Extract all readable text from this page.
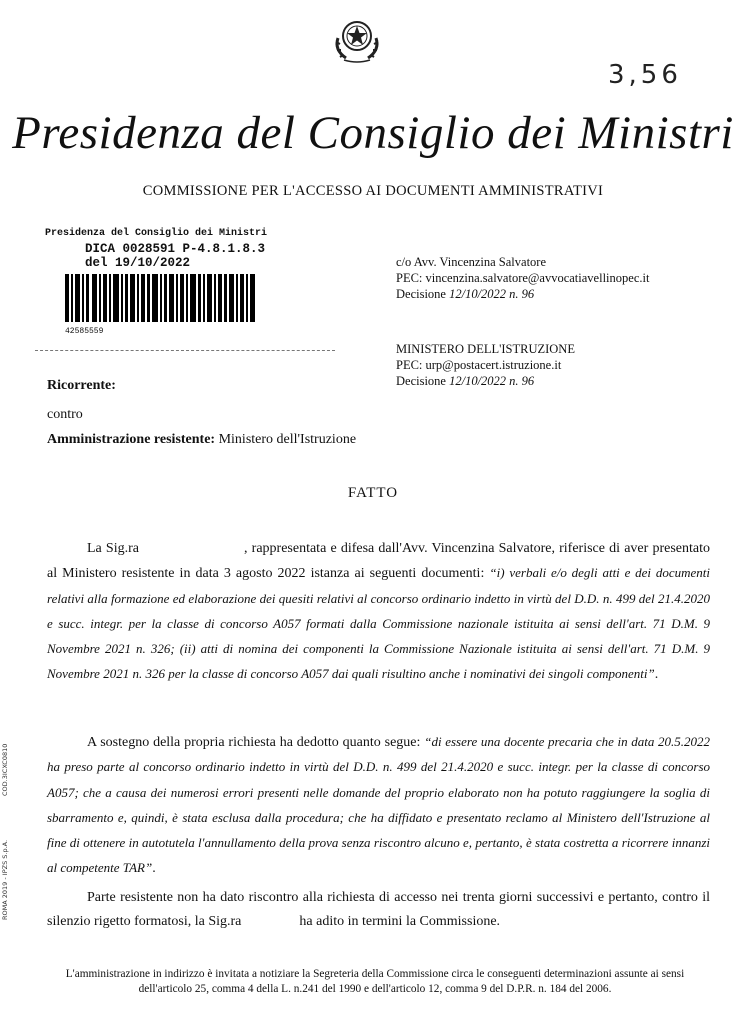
3,56
Presidenza del Consiglio dei Ministri
COMMISSIONE PER L'ACCESSO AI DOCUMENTI AMMINISTRATIVI
Presidenza del Consiglio dei Ministri
DICA 0028591 P-4.8.1.8.3
del 19/10/2022
42585559
c/o Avv. Vincenzina Salvatore
PEC: vincenzina.salvatore@avvocatiavellinopec.it
Decisione 12/10/2022 n. 96
MINISTERO DELL'ISTRUZIONE
PEC: urp@postacert.istruzione.it
Decisione 12/10/2022 n. 96
Ricorrente:
contro
Amministrazione resistente: Ministero dell'Istruzione
FATTO
La Sig.ra	, rappresentata e difesa dall'Avv. Vincenzina Salvatore, riferisce di aver presentato al Ministero resistente in data 3 agosto 2022 istanza ai seguenti documenti: “i) verbali e/o degli atti e dei documenti relativi alla formazione ed elaborazione dei quesiti relativi al concorso ordinario indetto in virtù del D.D. n. 499 del 21.4.2020 e succ. integr. per la classe di concorso A057 formati dalla Commissione nazionale istituita ai sensi dell'art. 71 D.M. 9 Novembre 2021 n. 326; (ii) atti di nomina dei componenti la Commissione Nazionale istituita ai sensi dell'art. 71 D.M. 9 Novembre 2021 n. 326 per la classe di concorso A057 dai quali risultino anche i nominativi dei singoli componenti”.
A sostegno della propria richiesta ha dedotto quanto segue: “di essere una docente precaria che in data 20.5.2022 ha preso parte al concorso ordinario indetto in virtù del D.D. n. 499 del 21.4.2020 e succ. integr. per la classe di concorso A057; che a causa dei numerosi errori presenti nelle domande del proprio elaborato non ha potuto raggiungere la soglia di sbarramento e, quindi, è stata esclusa dalla procedura; che ha diffidato e presentato reclamo al Ministero dell'Istruzione al fine di ottenere in autotutela l'annullamento della prova senza riscontro alcuno e, pertanto, è stata costretta a ricorrere innanzi al competente TAR”.
Parte resistente non ha dato riscontro alla richiesta di accesso nei trenta giorni successivi e pertanto, contro il silenzio rigetto formatosi, la Sig.ra	ha adito in termini la Commissione.
COD.3ICXC0810
ROMA 2019 - IPZS S.p.A.
L'amministrazione in indirizzo è invitata a notiziare la Segreteria della Commissione circa le conseguenti determinazioni assunte ai sensi dell'articolo 25, comma 4 della L. n.241 del 1990 e dell'articolo 12, comma 9 del D.P.R. n. 184 del 2006.
